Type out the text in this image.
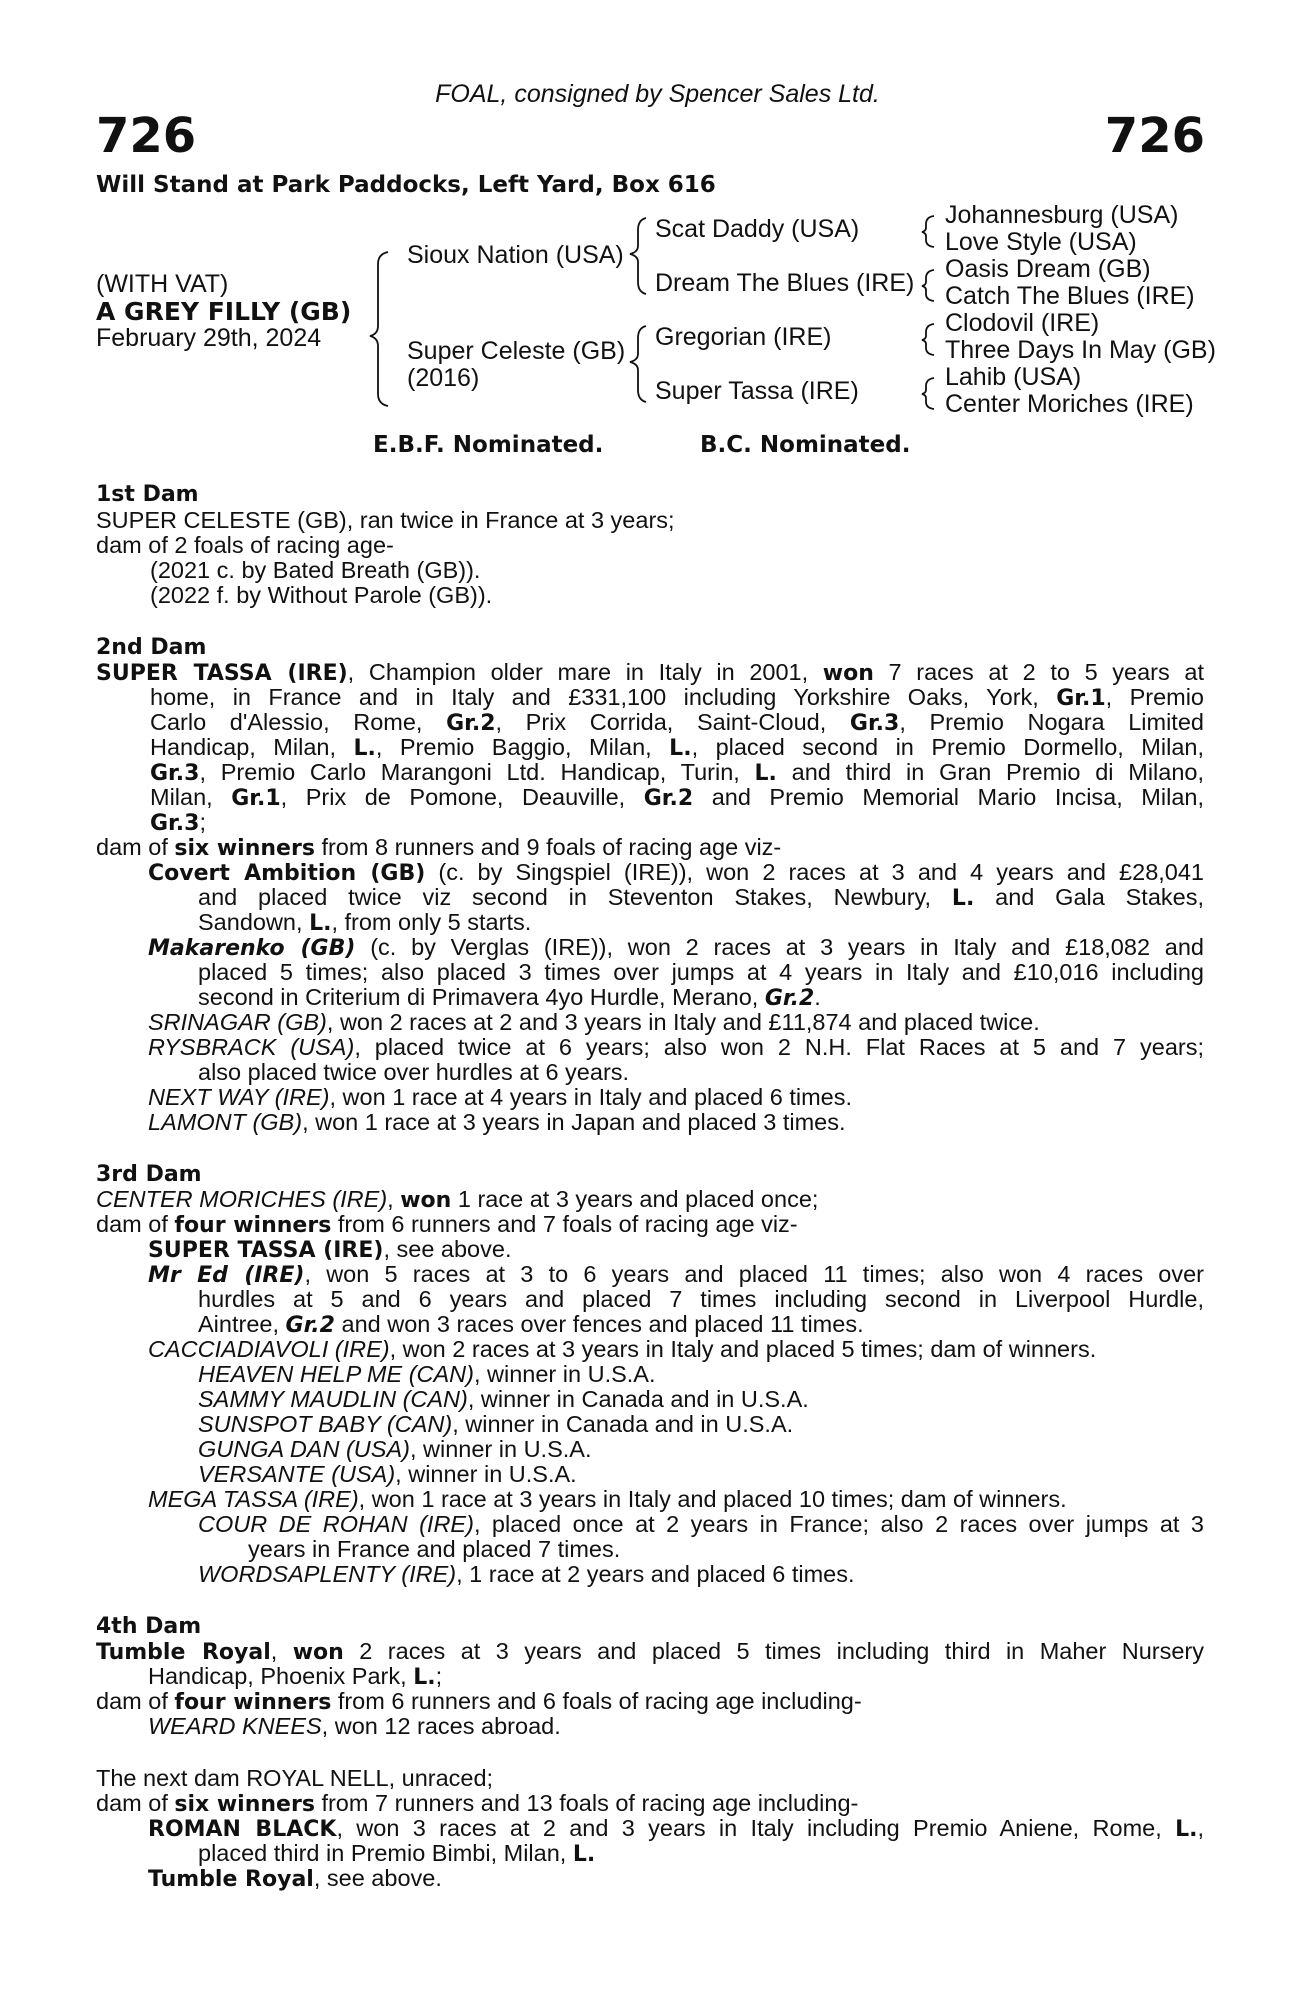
FOAL, consigned by Spencer Sales Ltd.
726	726
Will Stand at Park Paddocks, Left Yard, Box 616
(WITH VAT)
A GREY FILLY (GB)
February 29th, 2024
Sioux Nation (USA)
Super Celeste (GB)
(2016)
Scat Daddy (USA)
Dream The Blues (IRE)
Gregorian (IRE)
Super Tassa (IRE)
Johannesburg (USA)
Love Style (USA)
Oasis Dream (GB)
Catch The Blues (IRE)
Clodovil (IRE)
Three Days In May (GB)
Lahib (USA)
Center Moriches (IRE)
E.B.F. Nominated.	B.C. Nominated.
1st Dam
SUPER CELESTE (GB), ran twice in France at 3 years;
dam of 2 foals of racing age-
(2021 c. by Bated Breath (GB)).
(2022 f. by Without Parole (GB)).
2nd Dam
SUPER TASSA (IRE), Champion older mare in Italy in 2001, won 7 races at 2 to 5 years at
home, in France and in Italy and £331,100 including Yorkshire Oaks, York, Gr.1, Premio
Carlo d'Alessio, Rome, Gr.2, Prix Corrida, Saint-Cloud, Gr.3, Premio Nogara Limited
Handicap, Milan, L., Premio Baggio, Milan, L., placed second in Premio Dormello, Milan,
Gr.3, Premio Carlo Marangoni Ltd. Handicap, Turin, L. and third in Gran Premio di Milano,
Milan, Gr.1, Prix de Pomone, Deauville, Gr.2 and Premio Memorial Mario Incisa, Milan,
Gr.3;
dam of six winners from 8 runners and 9 foals of racing age viz-
Covert Ambition (GB) (c. by Singspiel (IRE)), won 2 races at 3 and 4 years and £28,041
and placed twice viz second in Steventon Stakes, Newbury, L. and Gala Stakes,
Sandown, L., from only 5 starts.
Makarenko (GB) (c. by Verglas (IRE)), won 2 races at 3 years in Italy and £18,082 and
placed 5 times; also placed 3 times over jumps at 4 years in Italy and £10,016 including
second in Criterium di Primavera 4yo Hurdle, Merano, Gr.2.
SRINAGAR (GB), won 2 races at 2 and 3 years in Italy and £11,874 and placed twice.
RYSBRACK (USA), placed twice at 6 years; also won 2 N.H. Flat Races at 5 and 7 years;
also placed twice over hurdles at 6 years.
NEXT WAY (IRE), won 1 race at 4 years in Italy and placed 6 times.
LAMONT (GB), won 1 race at 3 years in Japan and placed 3 times.
3rd Dam
CENTER MORICHES (IRE), won 1 race at 3 years and placed once;
dam of four winners from 6 runners and 7 foals of racing age viz-
SUPER TASSA (IRE), see above.
Mr Ed (IRE), won 5 races at 3 to 6 years and placed 11 times; also won 4 races over
hurdles at 5 and 6 years and placed 7 times including second in Liverpool Hurdle,
Aintree, Gr.2 and won 3 races over fences and placed 11 times.
CACCIADIAVOLI (IRE), won 2 races at 3 years in Italy and placed 5 times; dam of winners.
HEAVEN HELP ME (CAN), winner in U.S.A.
SAMMY MAUDLIN (CAN), winner in Canada and in U.S.A.
SUNSPOT BABY (CAN), winner in Canada and in U.S.A.
GUNGA DAN (USA), winner in U.S.A.
VERSANTE (USA), winner in U.S.A.
MEGA TASSA (IRE), won 1 race at 3 years in Italy and placed 10 times; dam of winners.
COUR DE ROHAN (IRE), placed once at 2 years in France; also 2 races over jumps at 3
years in France and placed 7 times.
WORDSAPLENTY (IRE), 1 race at 2 years and placed 6 times.
4th Dam
Tumble Royal, won 2 races at 3 years and placed 5 times including third in Maher Nursery
Handicap, Phoenix Park, L.;
dam of four winners from 6 runners and 6 foals of racing age including-
WEARD KNEES, won 12 races abroad.
The next dam ROYAL NELL, unraced;
dam of six winners from 7 runners and 13 foals of racing age including-
ROMAN BLACK, won 3 races at 2 and 3 years in Italy including Premio Aniene, Rome, L.,
placed third in Premio Bimbi, Milan, L.
Tumble Royal, see above.
